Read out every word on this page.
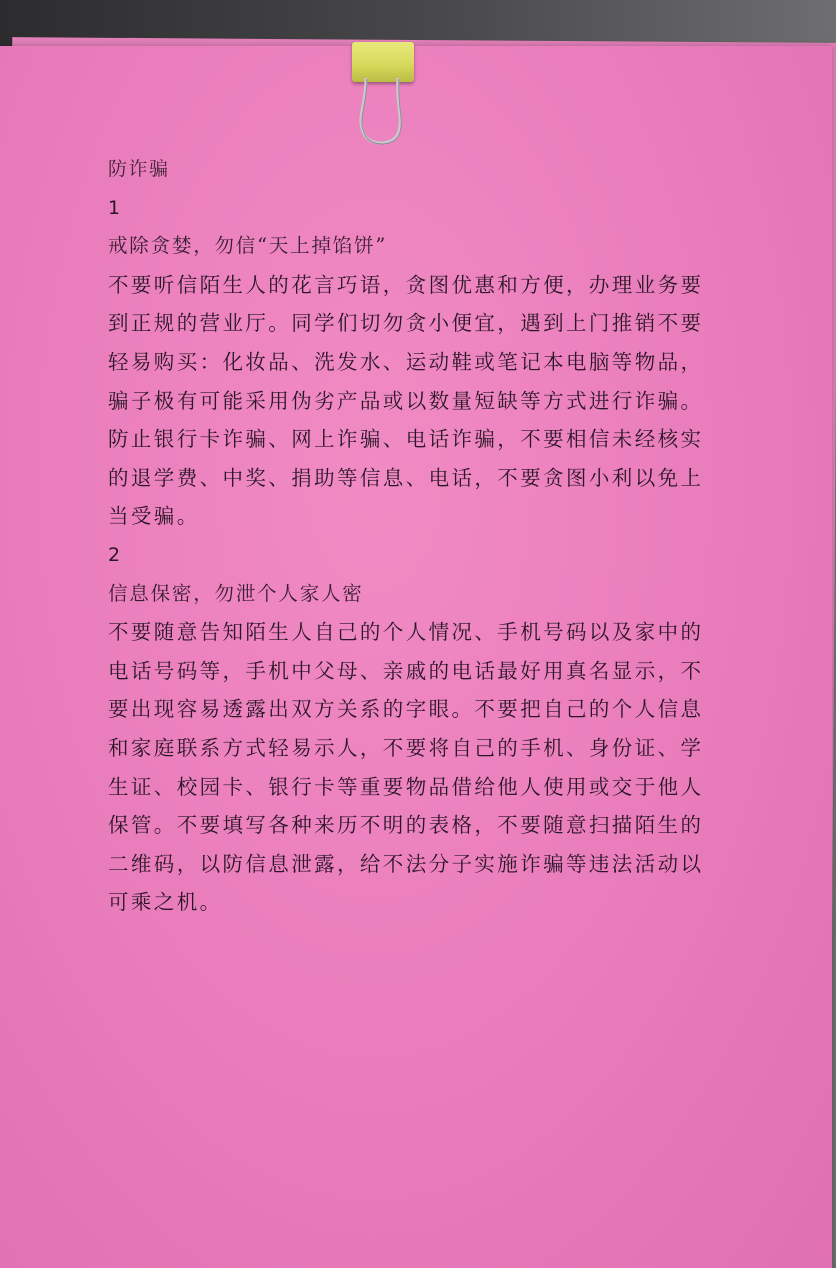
防诈骗
1
戒除贪婪，勿信“天上掉馅饼”
不要听信陌生人的花言巧语，贪图优惠和方便，办理业务要
到正规的营业厅。同学们切勿贪小便宜，遇到上门推销不要
轻易购买：化妆品、洗发水、运动鞋或笔记本电脑等物品，
骗子极有可能采用伪劣产品或以数量短缺等方式进行诈骗。
防止银行卡诈骗、网上诈骗、电话诈骗，不要相信未经核实
的退学费、中奖、捐助等信息、电话，不要贪图小利以免上
当受骗。
2
信息保密，勿泄个人家人密
不要随意告知陌生人自己的个人情况、手机号码以及家中的
电话号码等，手机中父母、亲戚的电话最好用真名显示，不
要出现容易透露出双方关系的字眼。不要把自己的个人信息
和家庭联系方式轻易示人，不要将自己的手机、身份证、学
生证、校园卡、银行卡等重要物品借给他人使用或交于他人
保管。不要填写各种来历不明的表格，不要随意扫描陌生的
二维码，以防信息泄露，给不法分子实施诈骗等违法活动以
可乘之机。
